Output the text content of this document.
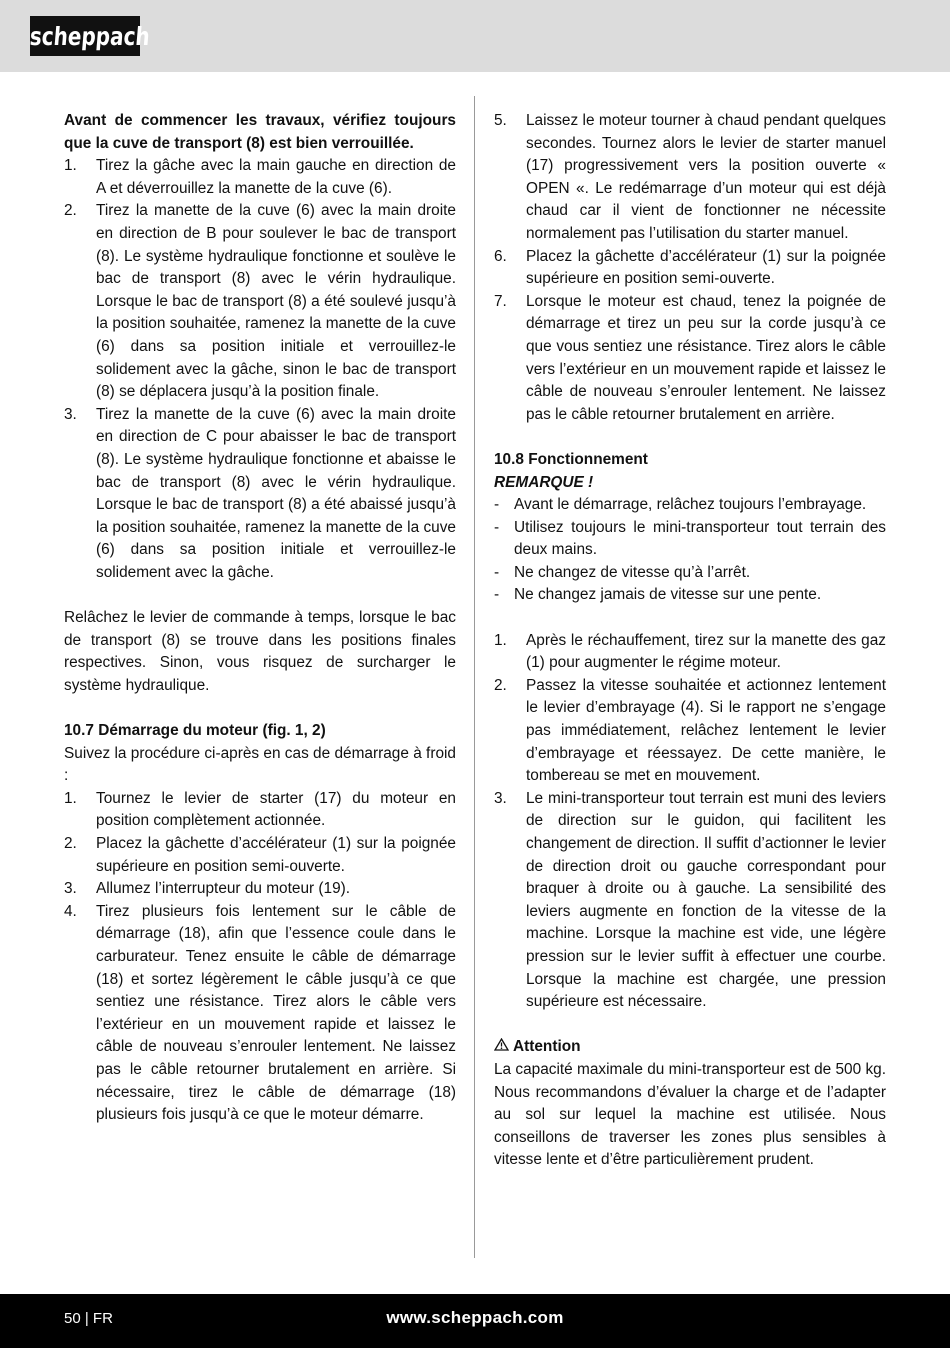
scheppach

Avant de commencer les travaux, vérifiez toujours que la cuve de transport (8) est bien verrouillée.

1. Tirez la gâche avec la main gauche en direction de A et déverrouillez la manette de la cuve (6).
2. Tirez la manette de la cuve (6) avec la main droite en direction de B pour soulever le bac de transport (8). Le système hydraulique fonctionne et soulève le bac de transport (8) avec le vérin hydraulique. Lorsque le bac de transport (8) a été soulevé jusqu’à la position souhaitée, ramenez la manette de la cuve (6) dans sa position initiale et verrouillez-le solidement avec la gâche, sinon le bac de transport (8) se déplacera jusqu’à la position finale.
3. Tirez la manette de la cuve (6) avec la main droite en direction de C pour abaisser le bac de transport (8). Le système hydraulique fonctionne et abaisse le bac de transport (8) avec le vérin hydraulique. Lorsque le bac de transport (8) a été abaissé jusqu’à la position souhaitée, ramenez la manette de la cuve (6) dans sa position initiale et verrouillez-le solidement avec la gâche.

Relâchez le levier de commande à temps, lorsque le bac de transport (8) se trouve dans les positions finales respectives. Sinon, vous risquez de surcharger le système hydraulique.

10.7 Démarrage du moteur (fig. 1, 2)

Suivez la procédure ci-après en cas de démarrage à froid :

1. Tournez le levier de starter (17) du moteur en position complètement actionnée.
2. Placez la gâchette d’accélérateur (1) sur la poignée supérieure en position semi-ouverte.
3. Allumez l’interrupteur du moteur (19).
4. Tirez plusieurs fois lentement sur le câble de démarrage (18), afin que l’essence coule dans le carburateur. Tenez ensuite le câble de démarrage (18) et sortez légèrement le câble jusqu’à ce que sentiez une résistance. Tirez alors le câble vers l’extérieur en un mouvement rapide et laissez le câble de nouveau s’enrouler lentement. Ne laissez pas le câble retourner brutalement en arrière. Si nécessaire, tirez le câble de démarrage (18) plusieurs fois jusqu’à ce que le moteur démarre.
5. Laissez le moteur tourner à chaud pendant quelques secondes. Tournez alors le levier de starter manuel (17) progressivement vers la position ouverte « OPEN «. Le redémarrage d’un moteur qui est déjà chaud car il vient de fonctionner ne nécessite normalement pas l’utilisation du starter manuel.
6. Placez la gâchette d’accélérateur (1) sur la poignée supérieure en position semi-ouverte.
7. Lorsque le moteur est chaud, tenez la poignée de démarrage et tirez un peu sur la corde jusqu’à ce que vous sentiez une résistance. Tirez alors le câble vers l’extérieur en un mouvement rapide et laissez le câble de nouveau s’enrouler lentement. Ne laissez pas le câble retourner brutalement en arrière.

10.8 Fonctionnement

REMARQUE !

- Avant le démarrage, relâchez toujours l’embrayage.
- Utilisez toujours le mini-transporteur tout terrain des deux mains.
- Ne changez de vitesse qu’à l’arrêt.
- Ne changez jamais de vitesse sur une pente.
1. Après le réchauffement, tirez sur la manette des gaz (1) pour augmenter le régime moteur.
2. Passez la vitesse souhaitée et actionnez lentement le levier d’embrayage (4). Si le rapport ne s’engage pas immédiatement, relâchez lentement le levier d’embrayage et réessayez. De cette manière, le tombereau se met en mouvement.
3. Le mini-transporteur tout terrain est muni des leviers de direction sur le guidon, qui facilitent les changement de direction. Il suffit d’actionner le levier de direction droit ou gauche correspondant pour braquer à droite ou à gauche. La sensibilité des leviers augmente en fonction de la vitesse de la machine. Lorsque la machine est vide, une légère pression sur le levier suffit à effectuer une courbe. Lorsque la machine est chargée, une pression supérieure est nécessaire.

Attention

La capacité maximale du mini-transporteur est de 500 kg. Nous recommandons d’évaluer la charge et de l’adapter au sol sur lequel la machine est utilisée. Nous conseillons de traverser les zones plus sensibles à vitesse lente et d’être particulièrement prudent.

50 | FR	www.scheppach.com
